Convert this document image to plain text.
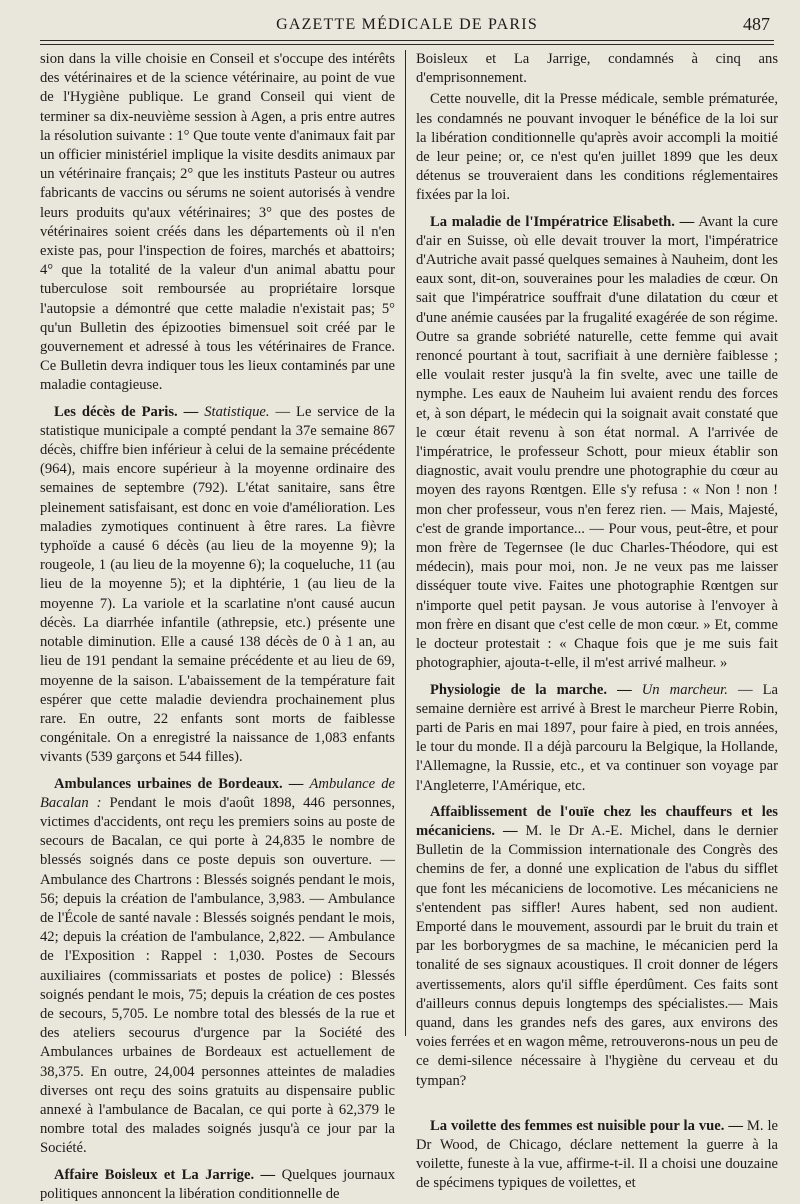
GAZETTE MÉDICALE DE PARIS	487

sion dans la ville choisie en Conseil et s'occupe des intérêts des vétérinaires et de la science vétérinaire, au point de vue de l'Hygiène publique. Le grand Conseil qui vient de terminer sa dix-neuvième session à Agen, a pris entre autres la résolution suivante : 1° Que toute vente d'animaux fait par un officier ministériel implique la visite desdits animaux par un vétérinaire français; 2° que les instituts Pasteur ou autres fabricants de vaccins ou sérums ne soient autorisés à vendre leurs produits qu'aux vétérinaires; 3° que des postes de vétérinaires soient créés dans les départements où il n'en existe pas, pour l'inspection de foires, marchés et abattoirs; 4° que la totalité de la valeur d'un animal abattu pour tuberculose soit remboursée au propriétaire lorsque l'autopsie a démontré que cette maladie n'existait pas; 5° qu'un Bulletin des épizooties bimensuel soit créé par le gouvernement et adressé à tous les vétérinaires de France. Ce Bulletin devra indiquer tous les lieux contaminés par une maladie contagieuse.

Les décès de Paris. — Statistique. — Le service de la statistique municipale a compté pendant la 37e semaine 867 décès, chiffre bien inférieur à celui de la semaine précédente (964), mais encore supérieur à la moyenne ordinaire des semaines de septembre (792). L'état sanitaire, sans être pleinement satisfaisant, est donc en voie d'amélioration. Les maladies zymotiques continuent à être rares. La fièvre typhoïde a causé 6 décès (au lieu de la moyenne 9); la rougeole, 1 (au lieu de la moyenne 6); la coqueluche, 11 (au lieu de la moyenne 5); et la diphtérie, 1 (au lieu de la moyenne 7). La variole et la scarlatine n'ont causé aucun décès. La diarrhée infantile (athrepsie, etc.) présente une notable diminution. Elle a causé 138 décès de 0 à 1 an, au lieu de 191 pendant la semaine précédente et au lieu de 69, moyenne de la saison. L'abaissement de la température fait espérer que cette maladie deviendra prochainement plus rare. En outre, 22 enfants sont morts de faiblesse congénitale. On a enregistré la naissance de 1,083 enfants vivants (539 garçons et 544 filles).

Ambulances urbaines de Bordeaux. — Ambulance de Bacalan : Pendant le mois d'août 1898, 446 personnes, victimes d'accidents, ont reçu les premiers soins au poste de secours de Bacalan, ce qui porte à 24,835 le nombre de blessés soignés dans ce poste depuis son ouverture. — Ambulance des Chartrons : Blessés soignés pendant le mois, 56; depuis la création de l'ambulance, 3,983. — Ambulance de l'École de santé navale : Blessés soignés pendant le mois, 42; depuis la création de l'ambulance, 2,822. — Ambulance de l'Exposition : Rappel : 1,030. Postes de Secours auxiliaires (commissariats et postes de police) : Blessés soignés pendant le mois, 75; depuis la création de ces postes de secours, 5,705. Le nombre total des blessés de la rue et des ateliers secourus d'urgence par la Société des Ambulances urbaines de Bordeaux est actuellement de 38,375. En outre, 24,004 personnes atteintes de maladies diverses ont reçu des soins gratuits au dispensaire public annexé à l'ambulance de Bacalan, ce qui porte à 62,379 le nombre total des malades soignés jusqu'à ce jour par la Société.

Affaire Boisleux et La Jarrige. — Quelques journaux politiques annoncent la libération conditionnelle de

Boisleux et La Jarrige, condamnés à cinq ans d'emprisonnement.

Cette nouvelle, dit la Presse médicale, semble prématurée, les condamnés ne pouvant invoquer le bénéfice de la loi sur la libération conditionnelle qu'après avoir accompli la moitié de leur peine; or, ce n'est qu'en juillet 1899 que les deux détenus se trouveraient dans les conditions réglementaires fixées par la loi.

La maladie de l'Impératrice Elisabeth. — Avant la cure d'air en Suisse, où elle devait trouver la mort, l'impératrice d'Autriche avait passé quelques semaines à Nauheim, dont les eaux sont, dit-on, souveraines pour les maladies de cœur. On sait que l'impératrice souffrait d'une dilatation du cœur et d'une anémie causées par la frugalité exagérée de son régime. Outre sa grande sobriété naturelle, cette femme qui avait renoncé pourtant à tout, sacrifiait à une dernière faiblesse ; elle voulait rester jusqu'à la fin svelte, avec une taille de nymphe. Les eaux de Nauheim lui avaient rendu des forces et, à son départ, le médecin qui la soignait avait constaté que le cœur était revenu à son état normal. A l'arrivée de l'impératrice, le professeur Schott, pour mieux établir son diagnostic, avait voulu prendre une photographie du cœur au moyen des rayons Rœntgen. Elle s'y refusa : « Non ! non ! mon cher professeur, vous n'en ferez rien. — Mais, Majesté, c'est de grande importance... — Pour vous, peut-être, et pour mon frère de Tegernsee (le duc Charles-Théodore, qui est médecin), mais pour moi, non. Je ne veux pas me laisser disséquer toute vive. Faites une photographie Rœntgen sur n'importe quel petit paysan. Je vous autorise à l'envoyer à mon frère en disant que c'est celle de mon cœur. » Et, comme le docteur protestait : « Chaque fois que je me suis fait photographier, ajouta-t-elle, il m'est arrivé malheur. »

Physiologie de la marche. — Un marcheur. — La semaine dernière est arrivé à Brest le marcheur Pierre Robin, parti de Paris en mai 1897, pour faire à pied, en trois années, le tour du monde. Il a déjà parcouru la Belgique, la Hollande, l'Allemagne, la Russie, etc., et va continuer son voyage par l'Angleterre, l'Amérique, etc.

Affaiblissement de l'ouïe chez les chauffeurs et les mécaniciens. — M. le Dr A.-E. Michel, dans le dernier Bulletin de la Commission internationale des Congrès des chemins de fer, a donné une explication de l'abus du sifflet que font les mécaniciens de locomotive. Les mécaniciens ne s'entendent pas siffler! Aures habent, sed non audient. Emporté dans le mouvement, assourdi par le bruit du train et par les borborygmes de sa machine, le mécanicien perd la tonalité de ses signaux acoustiques. Il croit donner de légers avertissements, alors qu'il siffle éperdûment. Ces faits sont d'ailleurs connus depuis longtemps des spécialistes.— Mais quand, dans les grandes nefs des gares, aux environs des voies ferrées et en wagon même, retrouverons-nous un peu de ce demi-silence nécessaire à l'hygiène du cerveau et du tympan?

La voilette des femmes est nuisible pour la vue. — M. le Dr Wood, de Chicago, déclare nettement la guerre à la voilette, funeste à la vue, affirme-t-il. Il a choisi une douzaine de spécimens typiques de voilettes, et
